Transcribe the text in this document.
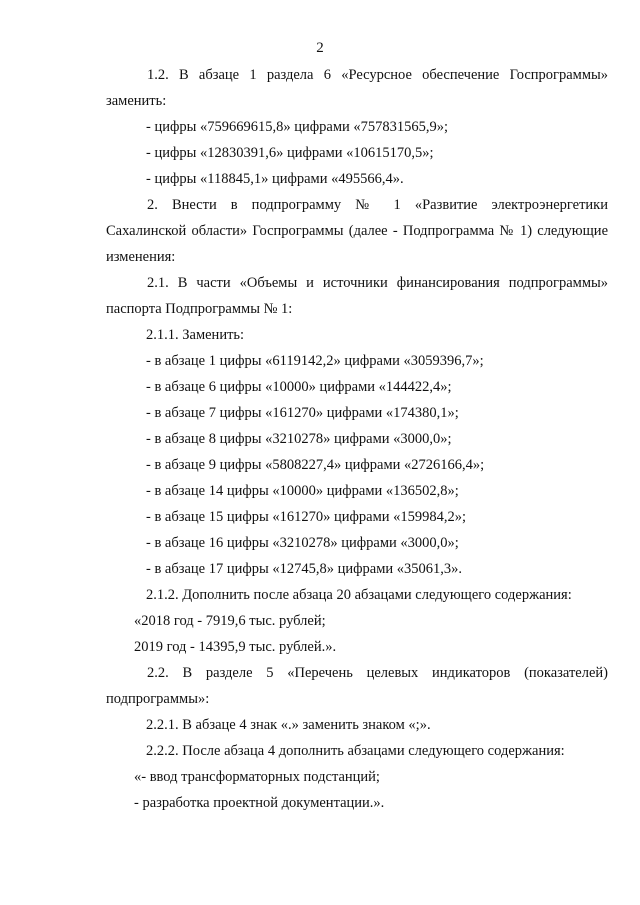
2

1.2. В абзаце 1 раздела 6 «Ресурсное обеспечение Госпрограммы» заменить:

- цифры «759669615,8» цифрами «757831565,9»;

- цифры «12830391,6» цифрами «10615170,5»;

- цифры «118845,1» цифрами «495566,4».

2. Внести в подпрограмму № 1 «Развитие электроэнергетики Сахалинской области» Госпрограммы (далее - Подпрограмма № 1) следующие изменения:

2.1. В части «Объемы и источники финансирования подпрограммы» паспорта Подпрограммы № 1:

2.1.1. Заменить:

- в абзаце 1 цифры «6119142,2» цифрами «3059396,7»;

- в абзаце 6 цифры «10000» цифрами «144422,4»;

- в абзаце 7 цифры «161270» цифрами «174380,1»;

- в абзаце 8 цифры «3210278» цифрами «3000,0»;

- в абзаце 9 цифры «5808227,4» цифрами «2726166,4»;

- в абзаце 14 цифры «10000» цифрами «136502,8»;

- в абзаце 15 цифры «161270» цифрами «159984,2»;

- в абзаце 16 цифры «3210278» цифрами «3000,0»;

- в абзаце 17 цифры «12745,8» цифрами «35061,3».

2.1.2. Дополнить после абзаца 20 абзацами следующего содержания:

«2018 год - 7919,6 тыс. рублей;

2019 год - 14395,9 тыс. рублей.».

2.2. В разделе 5 «Перечень целевых индикаторов (показателей) подпрограммы»:

2.2.1. В абзаце 4 знак «.» заменить знаком «;».

2.2.2. После абзаца 4 дополнить абзацами следующего содержания:

«- ввод трансформаторных подстанций;

- разработка проектной документации.».
